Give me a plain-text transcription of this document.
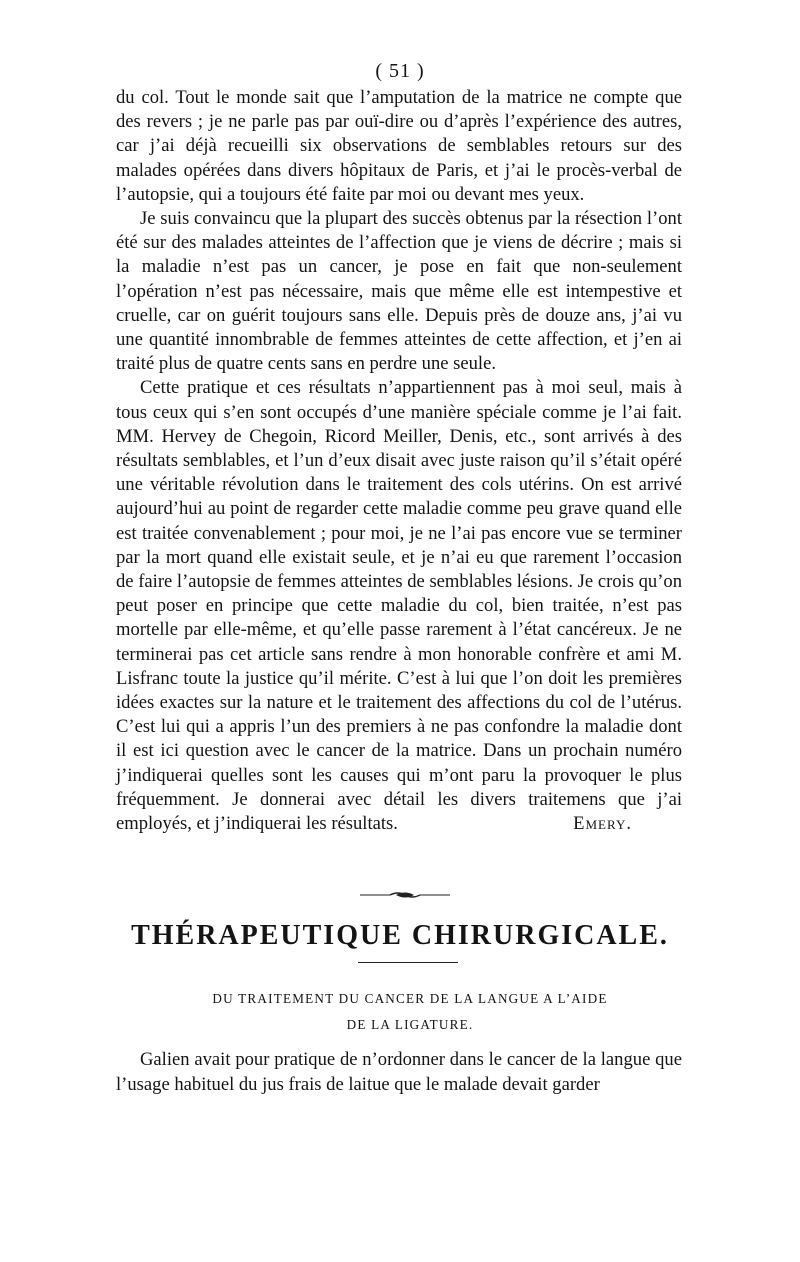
( 51 )

du col. Tout le monde sait que l’amputation de la matrice ne compte que des revers ; je ne parle pas par ouï-dire ou d’après l’expérience des autres, car j’ai déjà recueilli six observations de semblables retours sur des malades opérées dans divers hôpitaux de Paris, et j’ai le procès-verbal de l’autopsie, qui a toujours été faite par moi ou devant mes yeux.

Je suis convaincu que la plupart des succès obtenus par la résection l’ont été sur des malades atteintes de l’affection que je viens de décrire ; mais si la maladie n’est pas un cancer, je pose en fait que non-seulement l’opération n’est pas nécessaire, mais que même elle est intempestive et cruelle, car on guérit toujours sans elle. Depuis près de douze ans, j’ai vu une quantité innombrable de femmes atteintes de cette affection, et j’en ai traité plus de quatre cents sans en perdre une seule.

Cette pratique et ces résultats n’appartiennent pas à moi seul, mais à tous ceux qui s’en sont occupés d’une manière spéciale comme je l’ai fait. MM. Hervey de Chegoin, Ricord Meiller, Denis, etc., sont arrivés à des résultats semblables, et l’un d’eux disait avec juste raison qu’il s’était opéré une véritable révolution dans le traitement des cols utérins. On est arrivé aujourd’hui au point de regarder cette maladie comme peu grave quand elle est traitée convenablement ; pour moi, je ne l’ai pas encore vue se terminer par la mort quand elle existait seule, et je n’ai eu que rarement l’occasion de faire l’autopsie de femmes atteintes de semblables lésions. Je crois qu’on peut poser en principe que cette maladie du col, bien traitée, n’est pas mortelle par elle-même, et qu’elle passe rarement à l’état cancéreux. Je ne terminerai pas cet article sans rendre à mon honorable confrère et ami M. Lisfranc toute la justice qu’il mérite. C’est à lui que l’on doit les premières idées exactes sur la nature et le traitement des affections du col de l’utérus. C’est lui qui a appris l’un des premiers à ne pas confondre la maladie dont il est ici question avec le cancer de la matrice. Dans un prochain numéro j’indiquerai quelles sont les causes qui m’ont paru la provoquer le plus fréquemment. Je donnerai avec détail les divers traitemens que j’ai employés, et j’indiquerai les résultats.	Emery.

THÉRAPEUTIQUE CHIRURGICALE.
DU TRAITEMENT DU CANCER DE LA LANGUE A L’AIDE
DE LA LIGATURE.

Galien avait pour pratique de n’ordonner dans le cancer de la langue que l’usage habituel du jus frais de laitue que le malade devait garder
